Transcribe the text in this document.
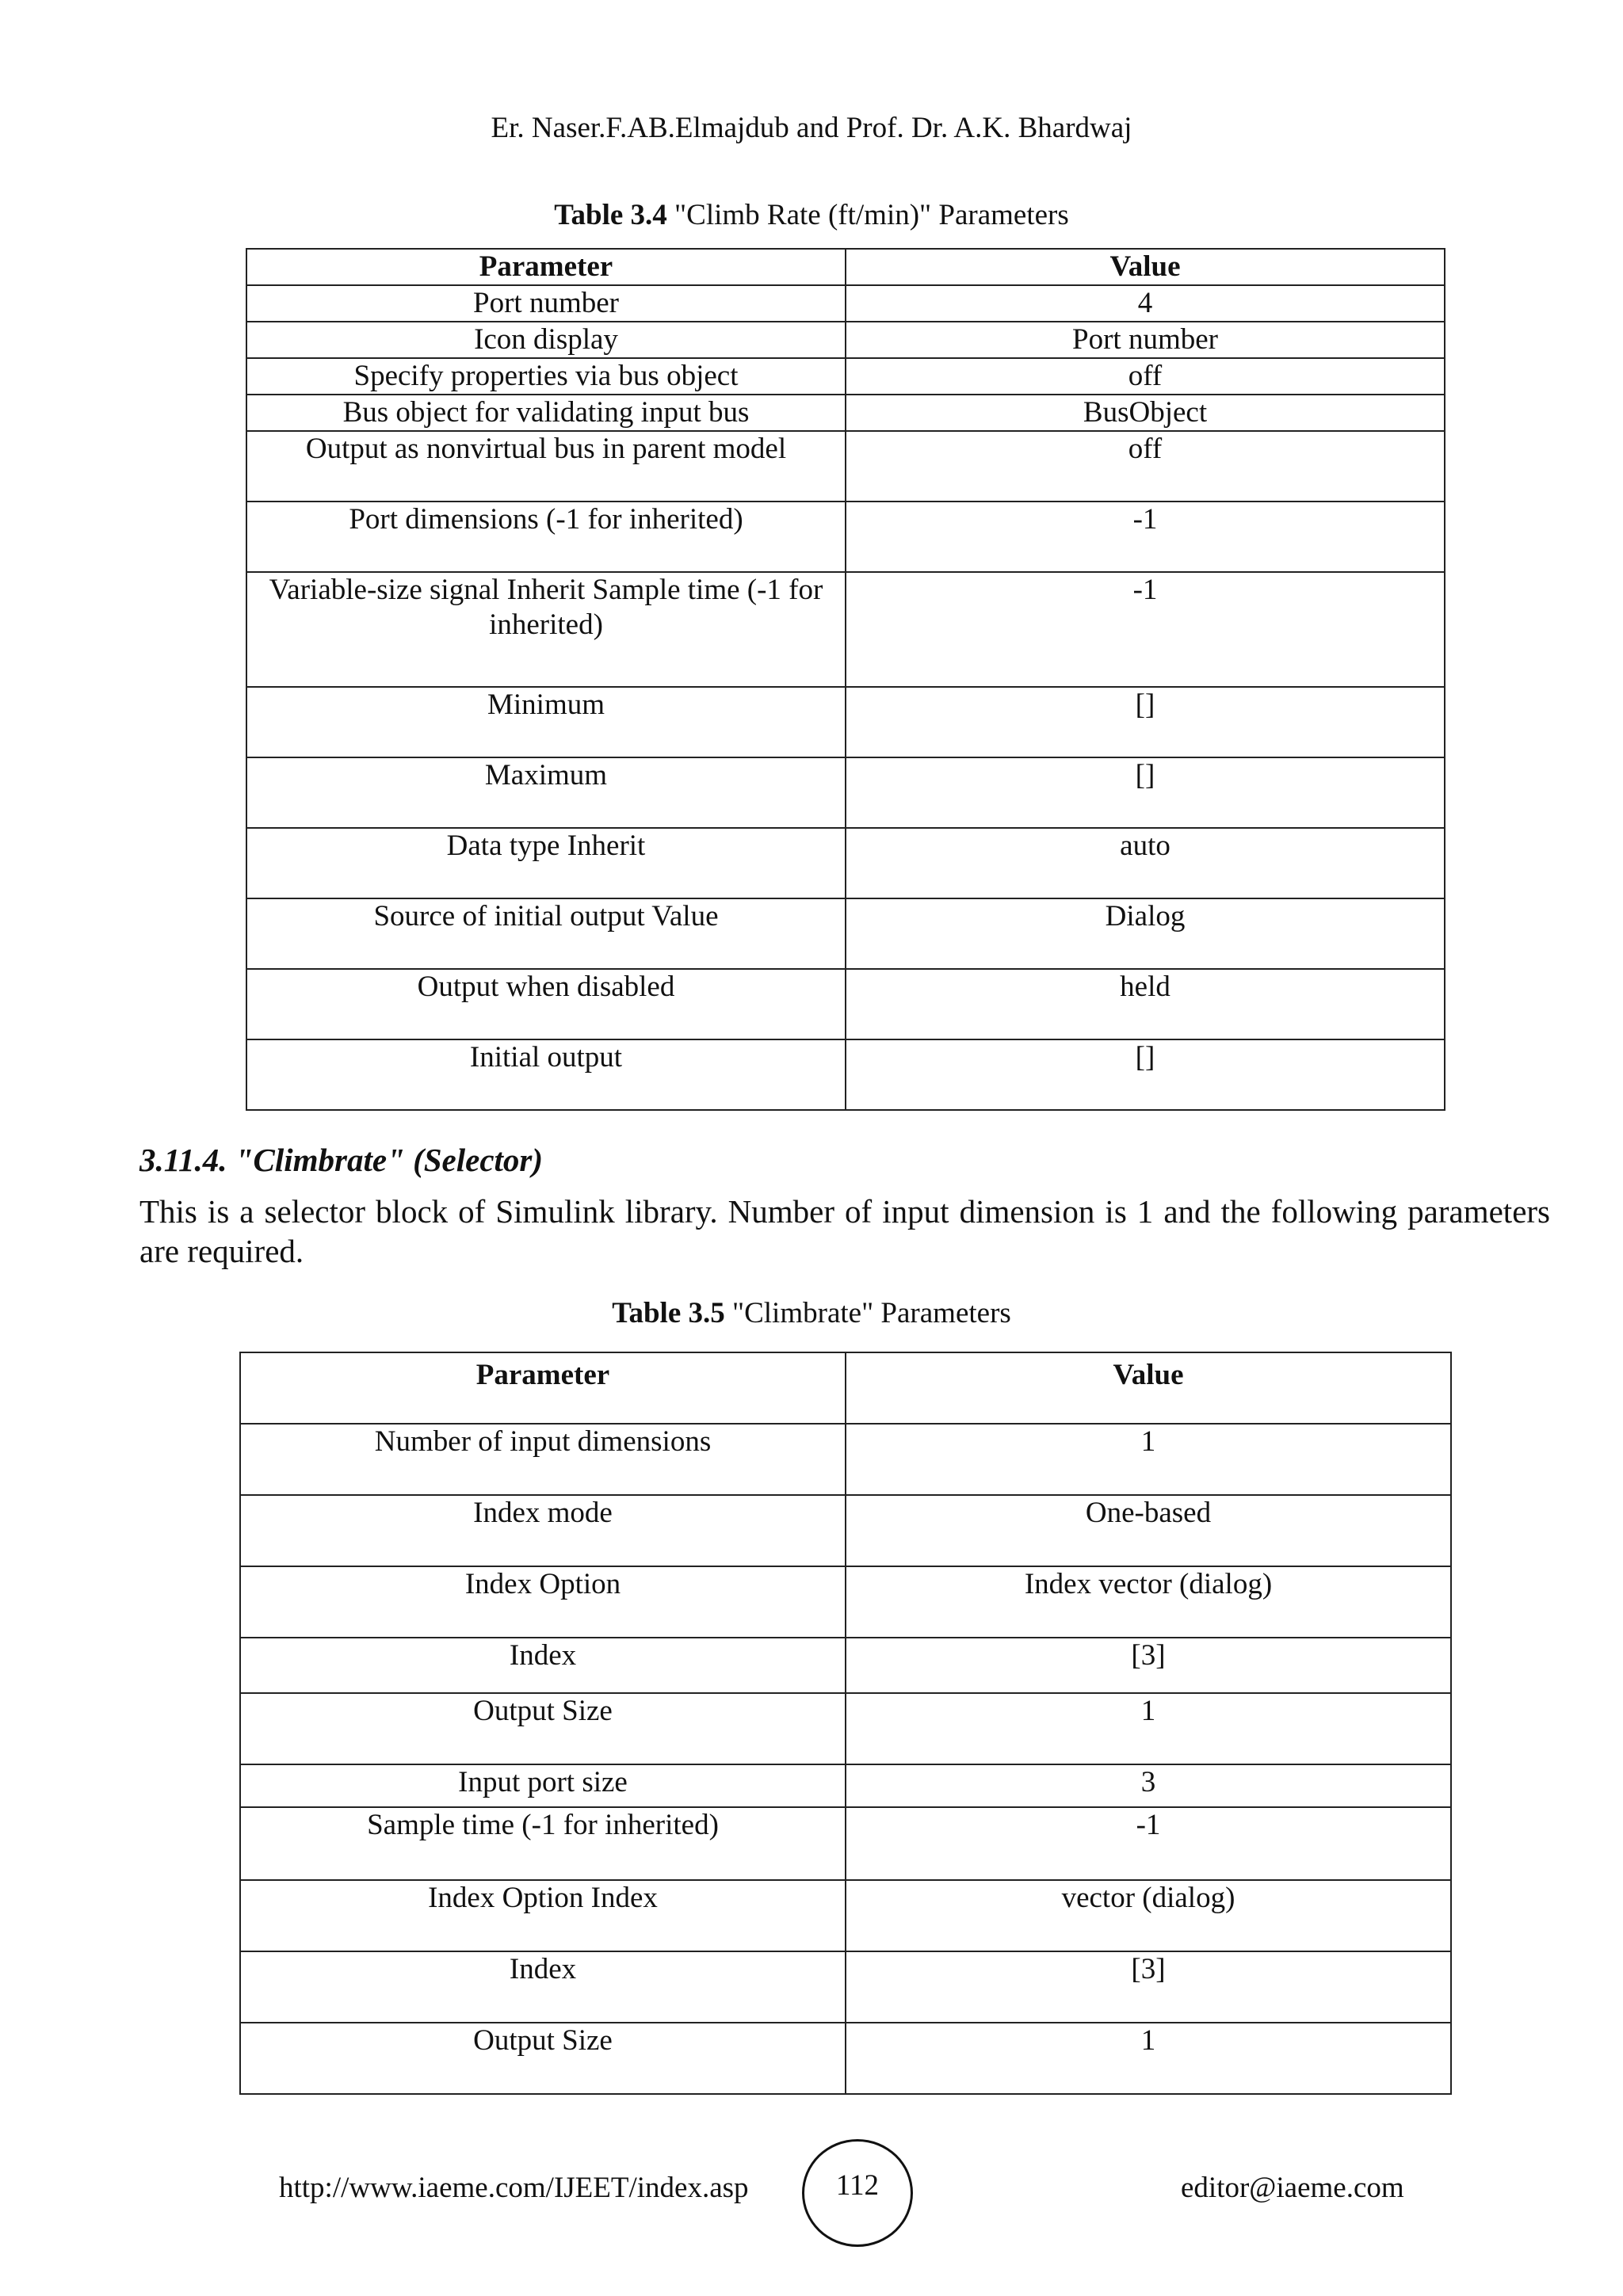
Er. Naser.F.AB.Elmajdub and Prof. Dr. A.K. Bhardwaj
Table 3.4 "Climb Rate (ft/min)" Parameters
Parameter	Value
Port number	4
Icon display	Port number
Specify properties via bus object	off
Bus object for validating input bus	BusObject
Output as nonvirtual bus in parent model	off
Port dimensions (-1 for inherited)	-1
Variable-size signal Inherit Sample time (-1 for inherited)	-1
Minimum	[]
Maximum	[]
Data type Inherit	auto
Source of initial output Value	Dialog
Output when disabled	held
Initial output	[]
3.11.4. "Climbrate" (Selector)
This is a selector block of Simulink library. Number of input dimension is 1 and the following parameters are required.
Table 3.5 "Climbrate" Parameters
Parameter	Value
Number of input dimensions	1
Index mode	One-based
Index Option	Index vector (dialog)
Index	[3]
Output Size	1
Input port size	3
Sample time (-1 for inherited)	-1
Index Option Index	vector (dialog)
Index	[3]
Output Size	1
http://www.iaeme.com/IJEET/index.asp	112	editor@iaeme.com
